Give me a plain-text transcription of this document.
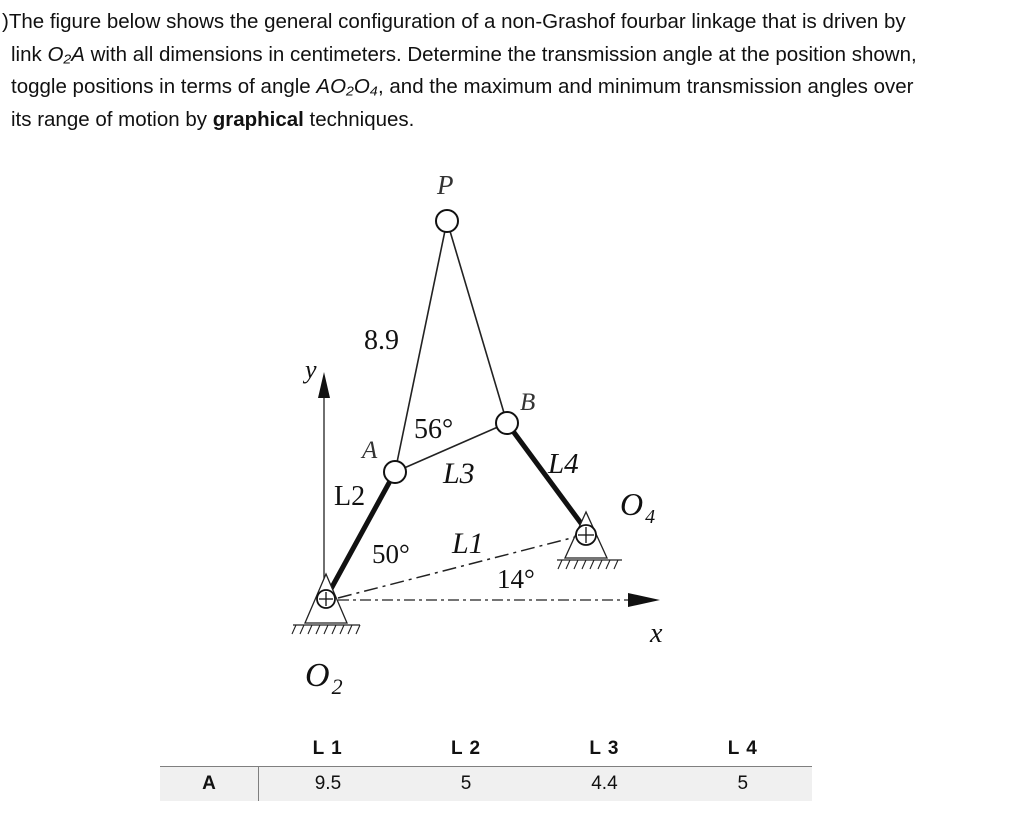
)The figure below shows the general configuration of a non-Grashof fourbar linkage that is driven by
link O₂A with all dimensions in centimeters. Determine the transmission angle at the position shown,
toggle positions in terms of angle AO₂O₄, and the maximum and minimum transmission angles over
its range of motion by graphical techniques.

P
y
8.9
B
56°
A
L2
L3	L4
O $_4$
50° L1
14°
x
$O_2$
	L 1	L 2	L 3	L 4
A	9.5	5	4.4	5
